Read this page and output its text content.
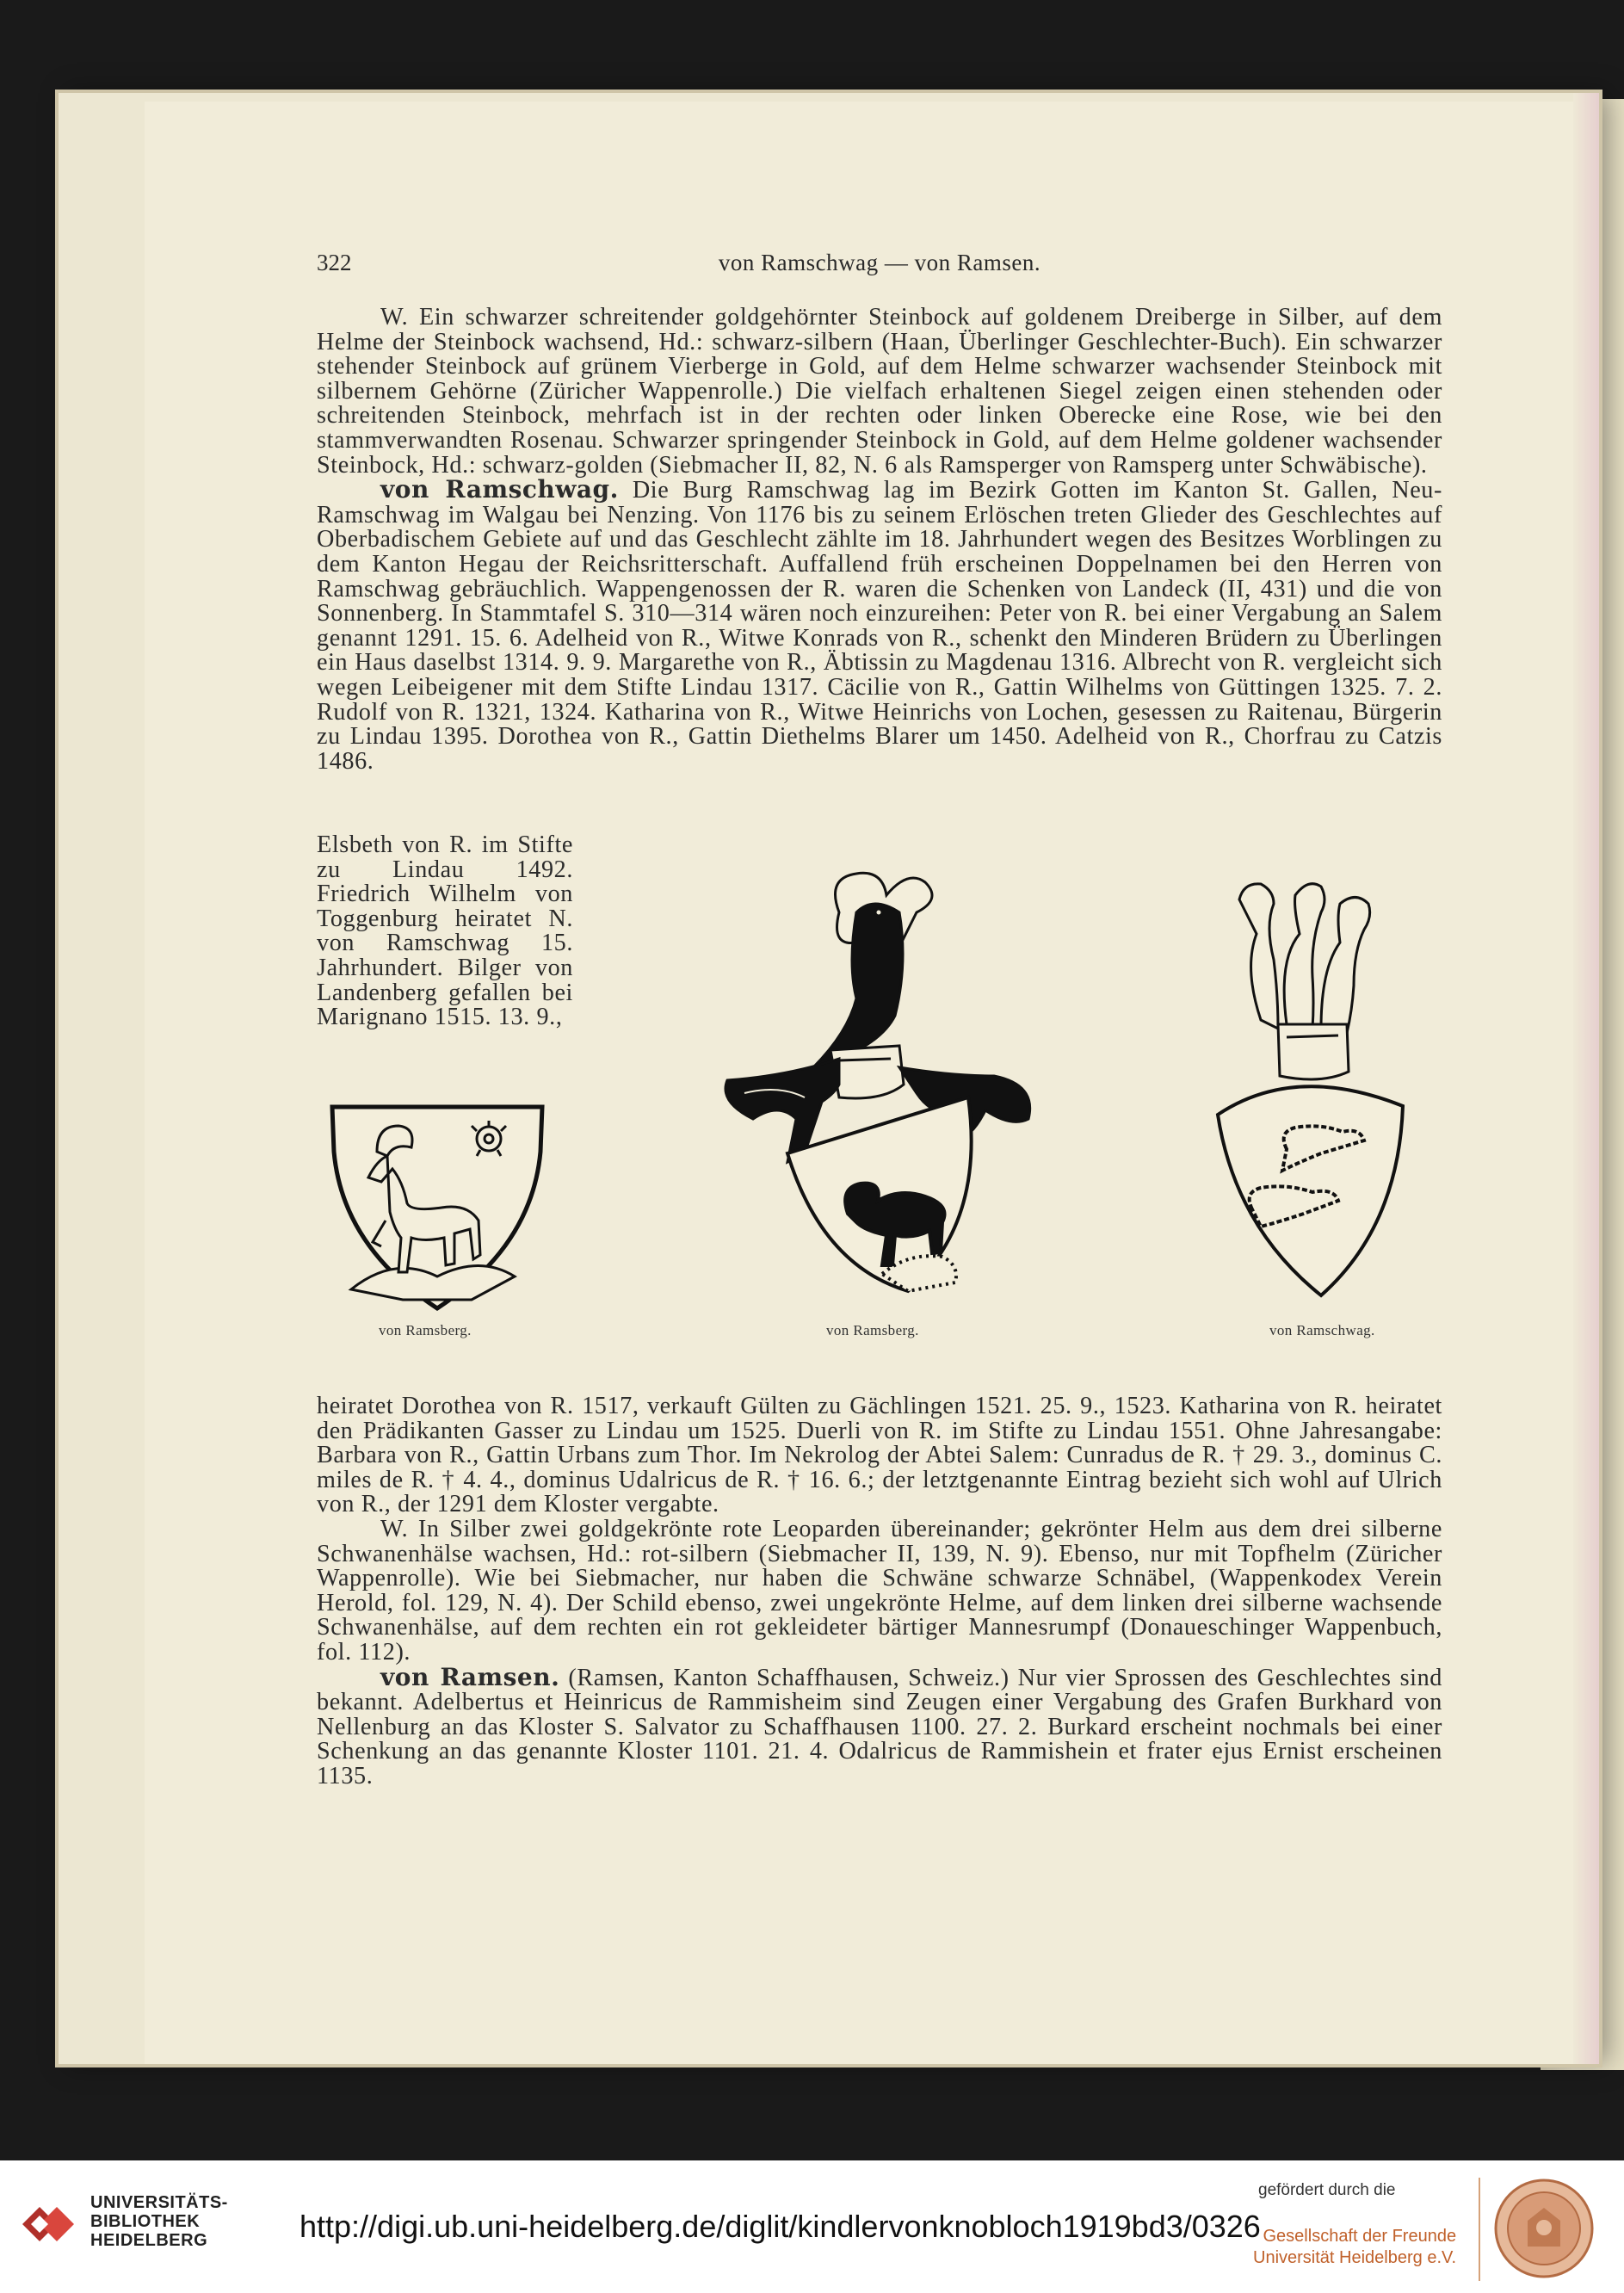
322	von Ramschwag — von Ramsen.

W. Ein schwarzer schreitender goldgehörnter Steinbock auf goldenem Dreiberge in Silber, auf dem Helme der Steinbock wachsend, Hd.: schwarz-silbern (Haan, Überlinger Geschlechter-Buch). Ein schwarzer stehender Steinbock auf grünem Vierberge in Gold, auf dem Helme schwarzer wachsender Steinbock mit silbernem Gehörne (Züricher Wappenrolle.) Die vielfach erhaltenen Siegel zeigen einen stehenden oder schreitenden Steinbock, mehrfach ist in der rechten oder linken Oberecke eine Rose, wie bei den stammverwandten Rosenau. Schwarzer springender Steinbock in Gold, auf dem Helme goldener wachsender Steinbock, Hd.: schwarz-golden (Siebmacher II, 82, N. 6 als Ramsperger von Ramsperg unter Schwäbische).

von Ramschwag. Die Burg Ramschwag lag im Bezirk Gotten im Kanton St. Gallen, Neu-Ramschwag im Walgau bei Nenzing. Von 1176 bis zu seinem Erlöschen treten Glieder des Geschlechtes auf Oberbadischem Gebiete auf und das Geschlecht zählte im 18. Jahrhundert wegen des Besitzes Worblingen zu dem Kanton Hegau der Reichsritterschaft. Auffallend früh erscheinen Doppelnamen bei den Herren von Ramschwag gebräuchlich. Wappengenossen der R. waren die Schenken von Landeck (II, 431) und die von Sonnenberg. In Stammtafel S. 310—314 wären noch einzureihen: Peter von R. bei einer Vergabung an Salem genannt 1291. 15. 6. Adelheid von R., Witwe Konrads von R., schenkt den Minderen Brüdern zu Überlingen ein Haus daselbst 1314. 9. 9. Margarethe von R., Äbtissin zu Magdenau 1316. Albrecht von R. vergleicht sich wegen Leibeigener mit dem Stifte Lindau 1317. Cäcilie von R., Gattin Wilhelms von Güttingen 1325. 7. 2. Rudolf von R. 1321, 1324. Katharina von R., Witwe Heinrichs von Lochen, gesessen zu Raitenau, Bürgerin zu Lindau 1395. Dorothea von R., Gattin Diethelms Blarer um 1450. Adelheid von R., Chorfrau zu Catzis 1486.

Elsbeth von R. im Stifte zu Lindau 1492. Friedrich Wilhelm von Toggenburg heiratet N. von Ramschwag 15. Jahrhundert. Bilger von Landenberg gefallen bei Marignano 1515. 13. 9.,
von Ramsberg.	von Ramsberg.	von Ramschwag.

heiratet Dorothea von R. 1517, verkauft Gülten zu Gächlingen 1521. 25. 9., 1523. Katharina von R. heiratet den Prädikanten Gasser zu Lindau um 1525. Duerli von R. im Stifte zu Lindau 1551. Ohne Jahresangabe: Barbara von R., Gattin Urbans zum Thor. Im Nekrolog der Abtei Salem: Cunradus de R. † 29. 3., dominus C. miles de R. † 4. 4., dominus Udalricus de R. † 16. 6.; der letztgenannte Eintrag bezieht sich wohl auf Ulrich von R., der 1291 dem Kloster vergabte.

W. In Silber zwei goldgekrönte rote Leoparden übereinander; gekrönter Helm aus dem drei silberne Schwanenhälse wachsen, Hd.: rot-silbern (Siebmacher II, 139, N. 9). Ebenso, nur mit Topfhelm (Züricher Wappenrolle). Wie bei Siebmacher, nur haben die Schwäne schwarze Schnäbel, (Wappenkodex Verein Herold, fol. 129, N. 4). Der Schild ebenso, zwei ungekrönte Helme, auf dem linken drei silberne wachsende Schwanenhälse, auf dem rechten ein rot gekleideter bärtiger Mannesrumpf (Donaueschinger Wappenbuch, fol. 112).

von Ramsen. (Ramsen, Kanton Schaffhausen, Schweiz.) Nur vier Sprossen des Geschlechtes sind bekannt. Adelbertus et Heinricus de Rammisheim sind Zeugen einer Vergabung des Grafen Burkhard von Nellenburg an das Kloster S. Salvator zu Schaffhausen 1100. 27. 2. Burkard erscheint nochmals bei einer Schenkung an das genannte Kloster 1101. 21. 4. Odalricus de Rammishein et frater ejus Ernist erscheinen 1135.

UNIVERSITÄTS-
BIBLIOTHEK
HEIDELBERG	http://digi.ub.uni-heidelberg.de/diglit/kindlervonknobloch1919bd3/0326
gefördert durch die
Gesellschaft der Freunde
Universität Heidelberg e.V.
